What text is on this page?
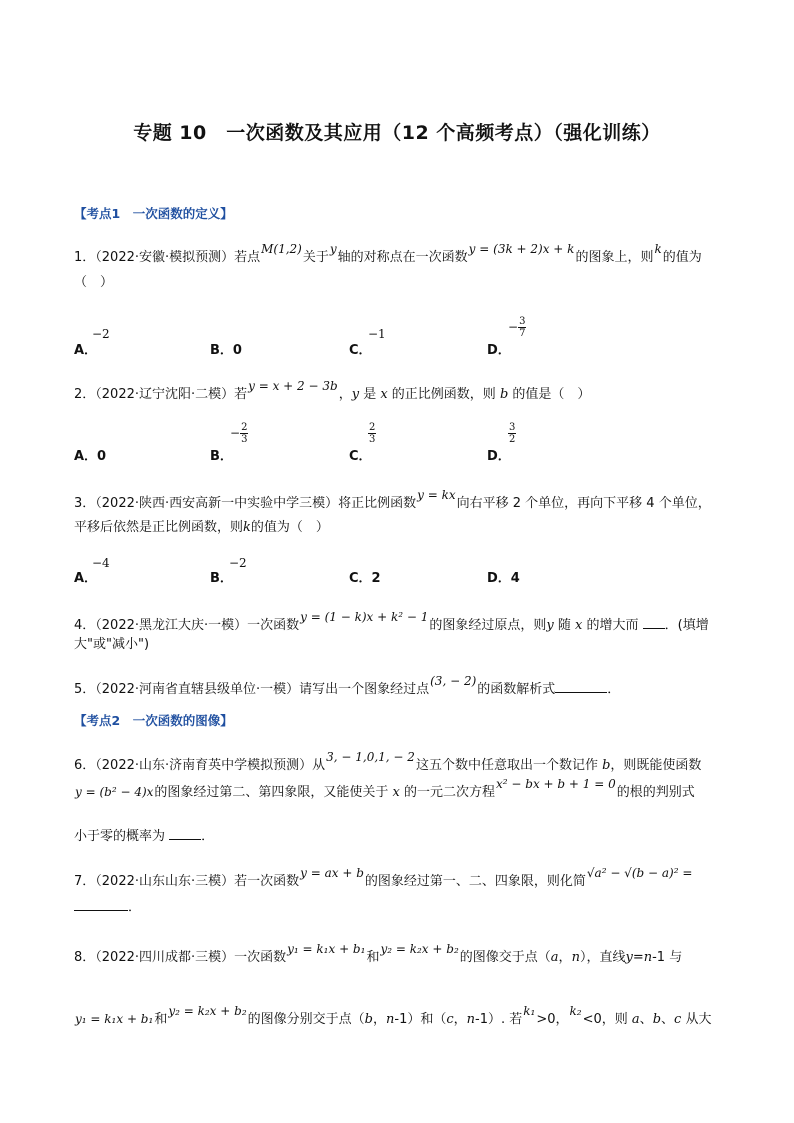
专题 10　一次函数及其应用（12 个高频考点）（强化训练）
【考点1　一次函数的定义】
1．（2022·安徽·模拟预测）若点M(1,2)关于y轴的对称点在一次函数y = (3k + 2)x + k的图象上，则k的值为
（　）
A．
−2
B．0	C．
−1
D．
− $\frac{3}{7}$
2．（2022·辽宁沈阳·二模）若y = x + 2 − 3b，y 是 x 的正比例函数，则 b 的值是（　）
A．0	B．
− $\frac{2}{3}$
C．
$\frac{2}{3}$
D．
$\frac{3}{2}$
3．（2022·陕西·西安高新一中实验中学三模）将正比例函数y = kx向右平移 2 个单位，再向下平移 4 个单位，
平移后依然是正比例函数，则k的值为（　）
A．
−4
B．
−2
C．2	D．4
4．（2022·黑龙江大庆·一模）一次函数y = (1 − k)x + k² − 1的图象经过原点，则y 随 x 的增大而 ．(填增
大"或"减小")
5．（2022·河南省直辖县级单位·一模）请写出一个图象经过点(3, − 2)的函数解析式	．
【考点2　一次函数的图像】
6．（2022·山东·济南育英中学模拟预测）从3, − 1,0,1, − 2这五个数中任意取出一个数记作 b，则既能使函数
y = (b² − 4)x的图象经过第二、第四象限，又能使关于 x 的一元二次方程x² − bx + b + 1 = 0的根的判别式
小于零的概率为	．
7．（2022·山东山东·三模）若一次函数y = ax + b的图象经过第一、二、四象限，则化简√a² − √(b − a)² =
．
8．（2022·四川成都·三模）一次函数y₁ = k₁x + b₁和y₂ = k₂x + b₂的图像交于点（a，n），直线y=n-1 与
y₁ = k₁x + b₁和y₂ = k₂x + b₂的图像分别交于点（b，n-1）和（c，n-1）. 若k₁>0，k₂<0，则 a、b、c 从大
